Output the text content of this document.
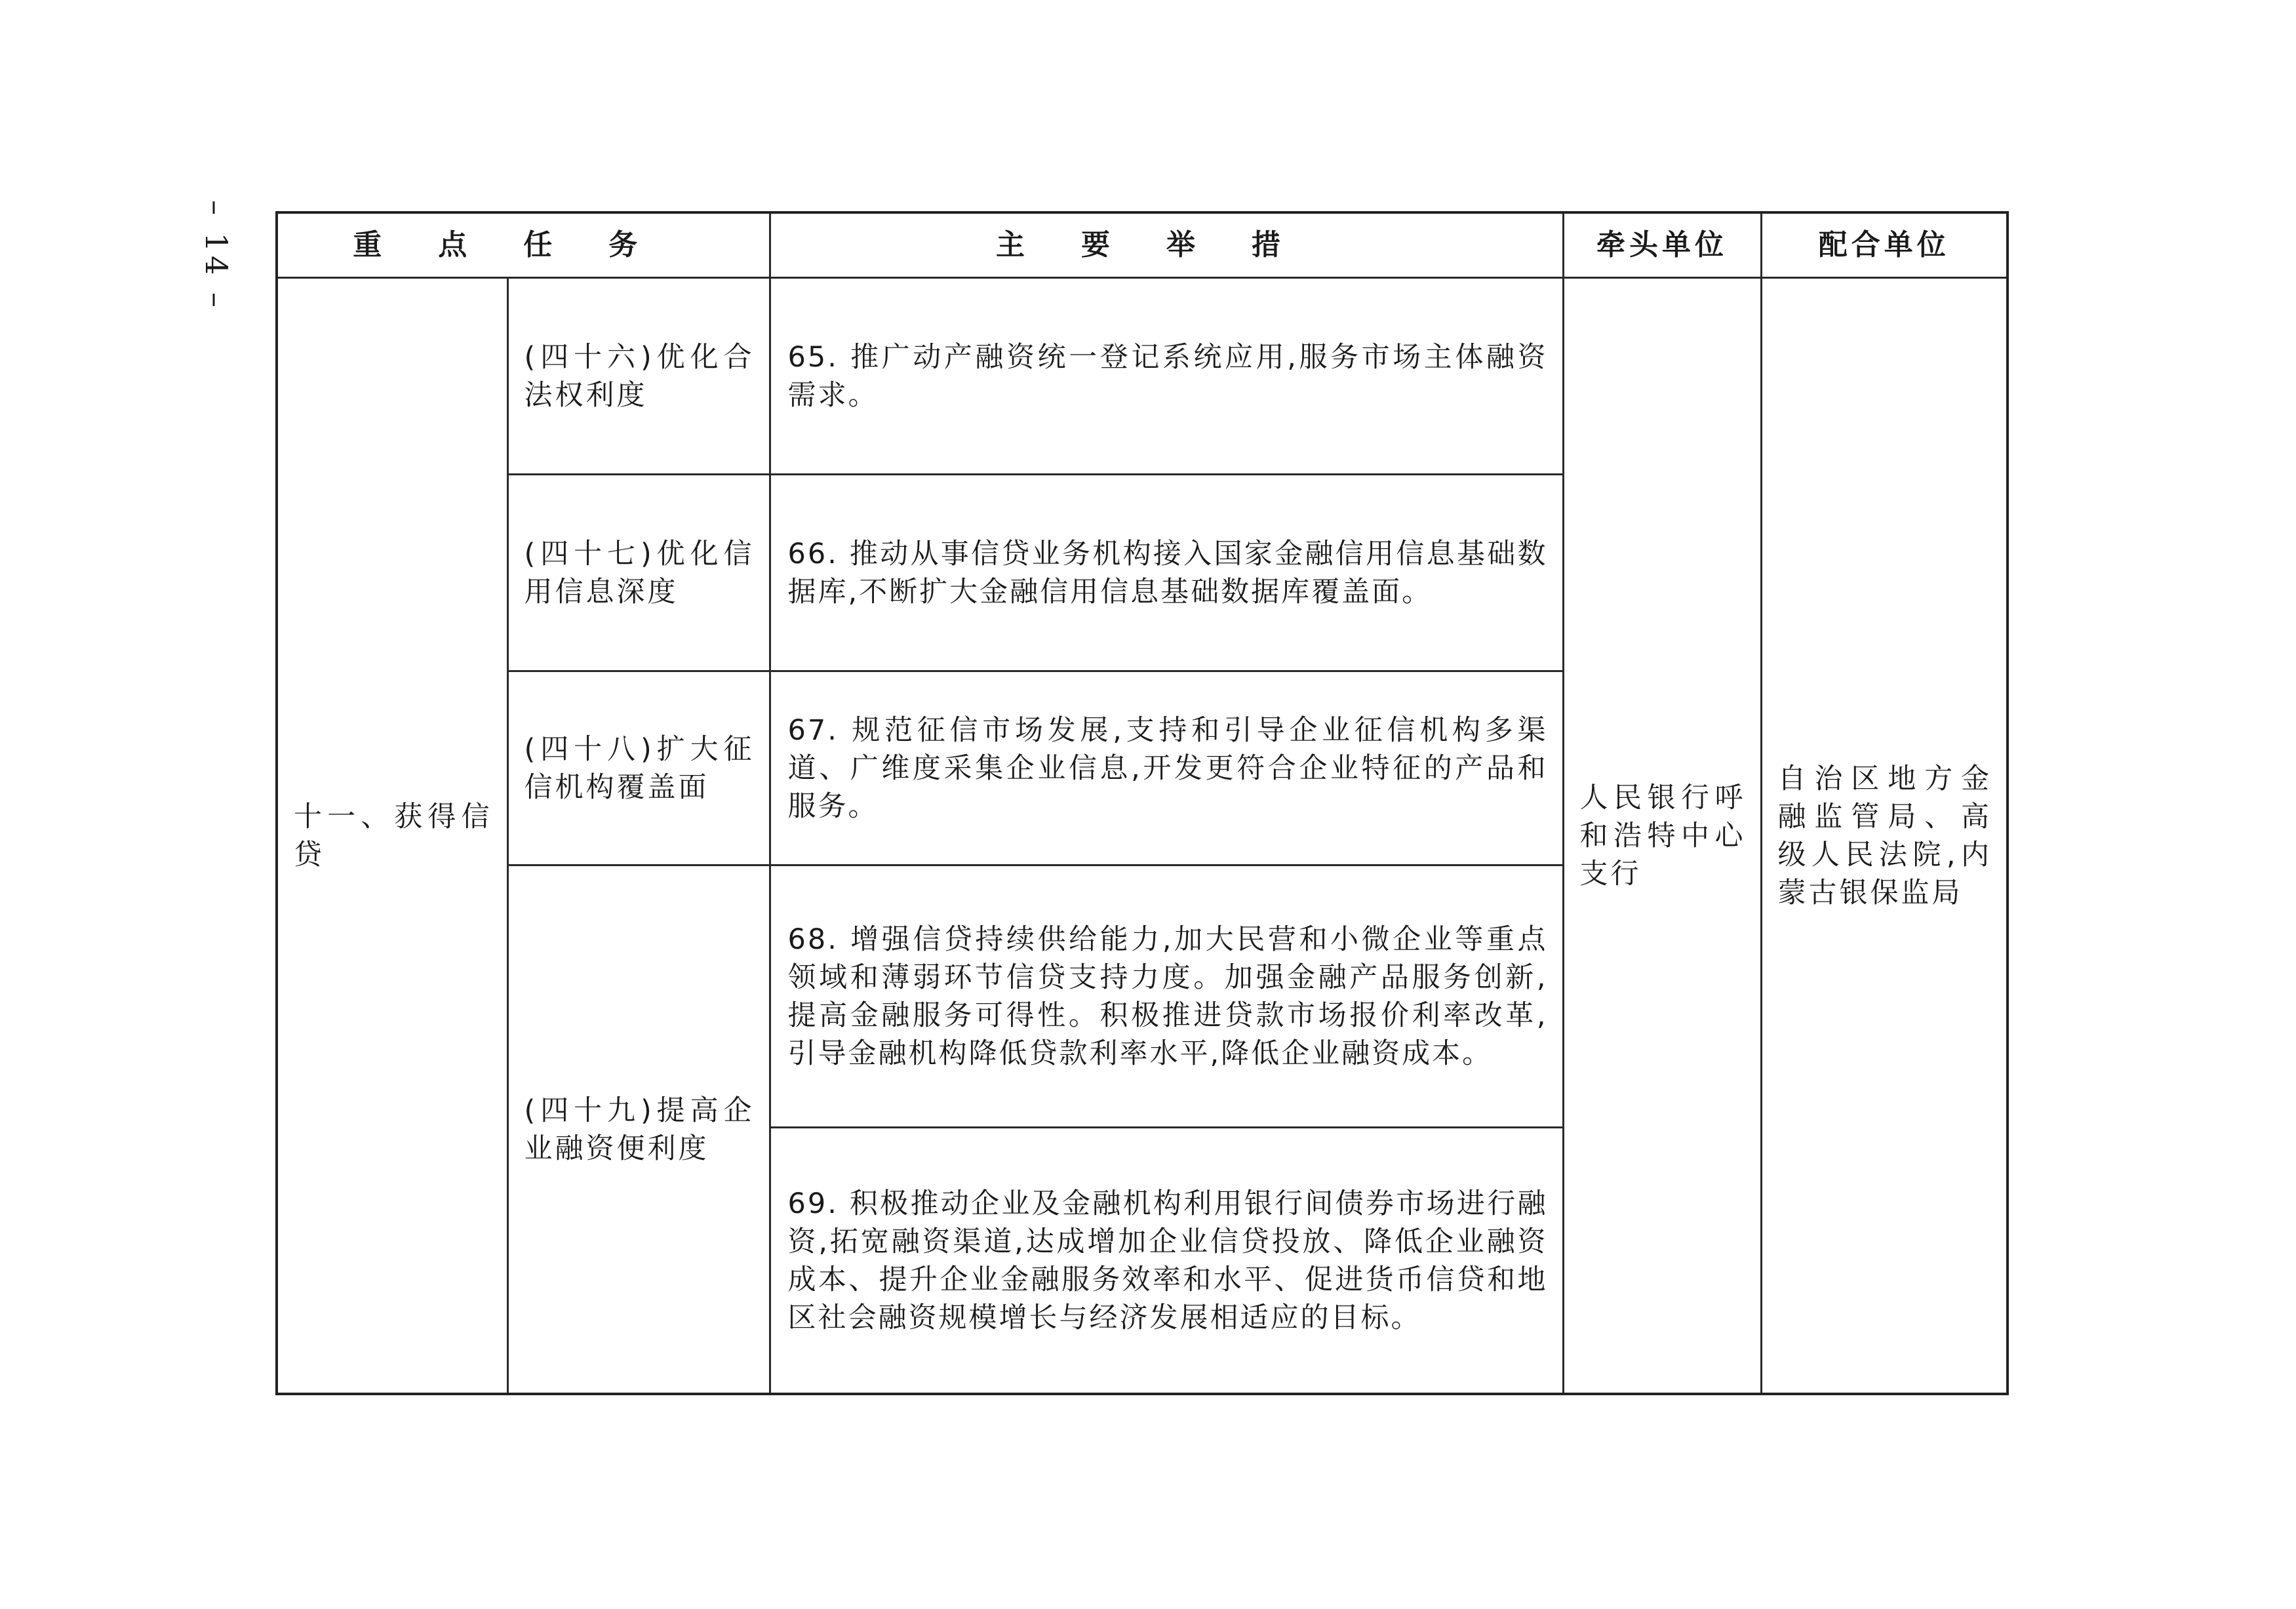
– 14 –	重点任务		主要举措	牵头单位	配合单位

十一、获得信贷	(四十六)优化合法权利度	65. 推广动产融资统一登记系统应用,服务市场主体融资需求。	人民银行呼和浩特中心支行	自治区地方金融监管局、高级人民法院,内蒙古银保监局

	(四十七)优化信用信息深度	66. 推动从事信贷业务机构接入国家金融信用信息基础数据库,不断扩大金融信用信息基础数据库覆盖面。		

	(四十八)扩大征信机构覆盖面	67. 规范征信市场发展,支持和引导企业征信机构多渠道、广维度采集企业信息,开发更符合企业特征的产品和服务。		

	(四十九)提高企业融资便利度	68. 增强信贷持续供给能力,加大民营和小微企业等重点领域和薄弱环节信贷支持力度。加强金融产品服务创新,提高金融服务可得性。积极推进贷款市场报价利率改革,引导金融机构降低贷款利率水平,降低企业融资成本。		

		69. 积极推动企业及金融机构利用银行间债券市场进行融资,拓宽融资渠道,达成增加企业信贷投放、降低企业融资成本、提升企业金融服务效率和水平、促进货币信贷和地区社会融资规模增长与经济发展相适应的目标。		
